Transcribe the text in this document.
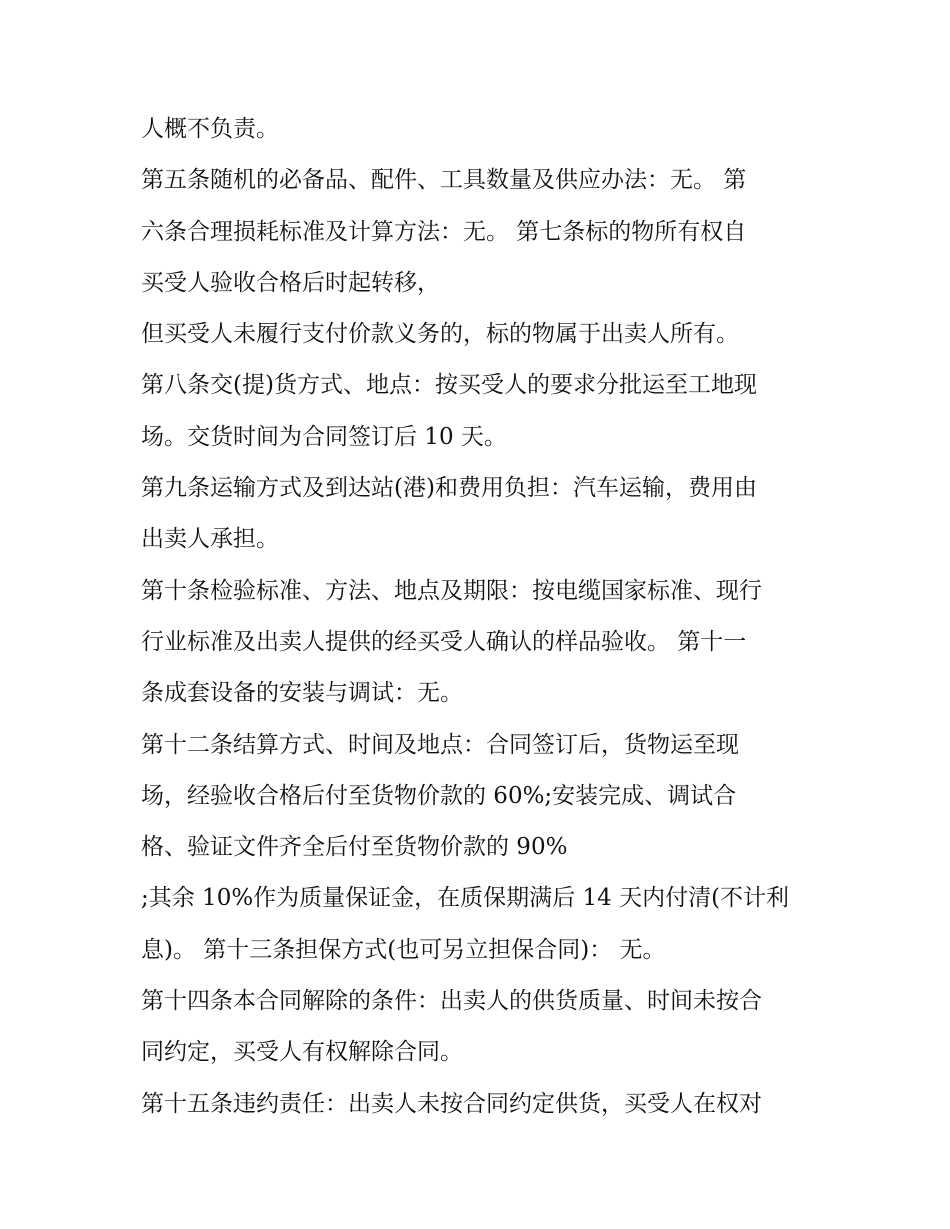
人概不负责。
第五条随机的必备品、配件、工具数量及供应办法：无。 第
六条合理损耗标准及计算方法：无。 第七条标的物所有权自
买受人验收合格后时起转移，
但买受人未履行支付价款义务的，标的物属于出卖人所有。
第八条交(提)货方式、地点：按买受人的要求分批运至工地现
场。交货时间为合同签订后 10 天。
第九条运输方式及到达站(港)和费用负担：汽车运输，费用由
出卖人承担。
第十条检验标准、方法、地点及期限：按电缆国家标准、现行
行业标准及出卖人提供的经买受人确认的样品验收。 第十一
条成套设备的安装与调试：无。
第十二条结算方式、时间及地点：合同签订后，货物运至现
场，经验收合格后付至货物价款的 60%;安装完成、调试合
格、验证文件齐全后付至货物价款的 90%
;其余 10%作为质量保证金，在质保期满后 14 天内付清(不计利
息)。 第十三条担保方式(也可另立担保合同)： 无。
第十四条本合同解除的条件：出卖人的供货质量、时间未按合
同约定，买受人有权解除合同。
第十五条违约责任：出卖人未按合同约定供货，买受人在权对
